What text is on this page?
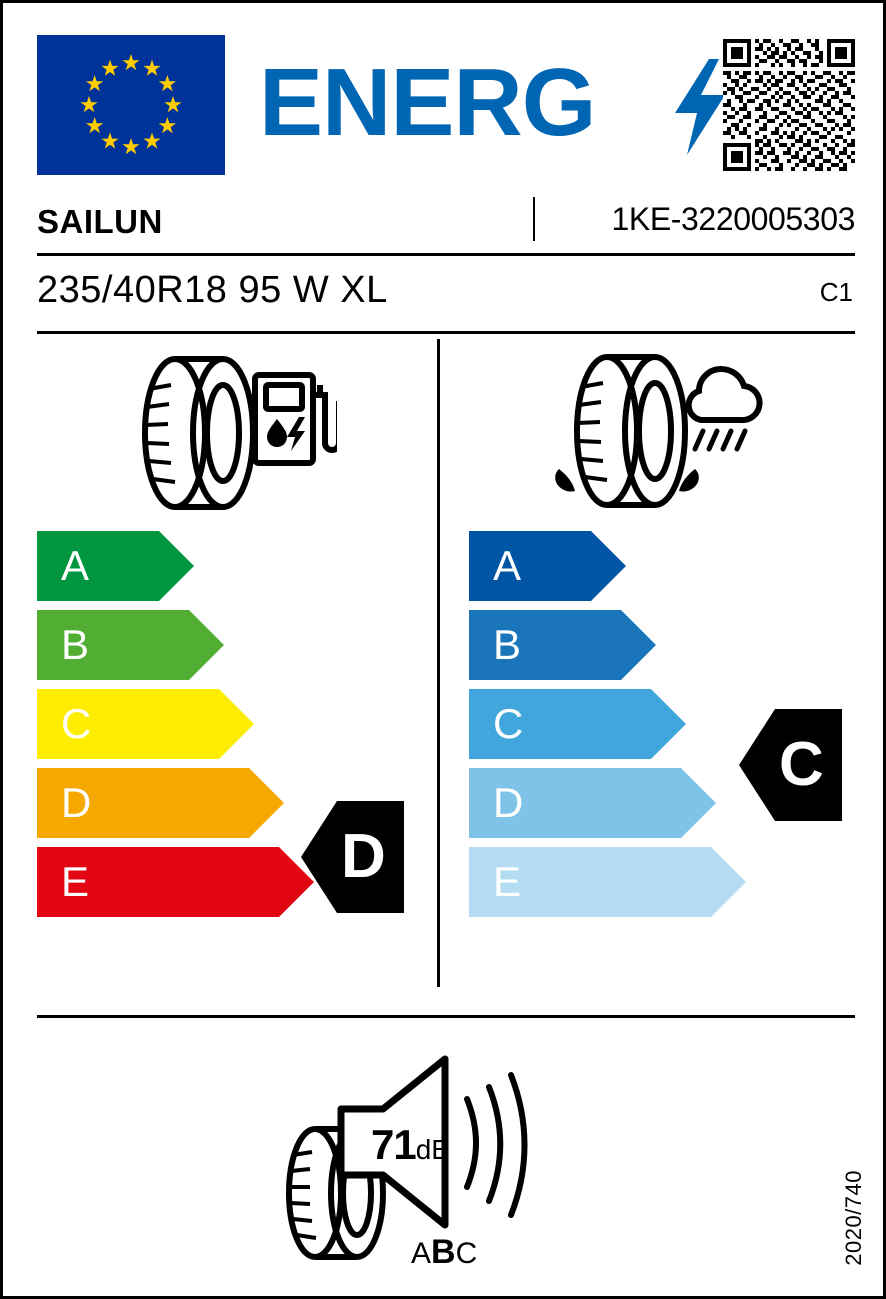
ENERG
SAILUN	1KE-3220005303
235/40R18 95 W XL	C1
A
B
C
D
E	D
A
B
C
D
E
C
71dB
ABC	2020/740
